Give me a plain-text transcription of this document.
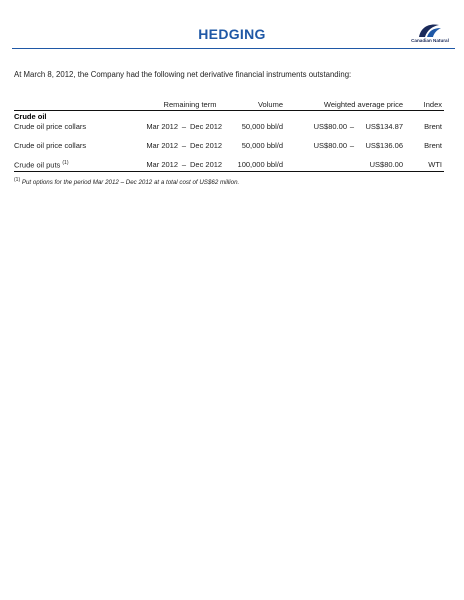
HEDGING	Canadian Natural
At March 8, 2012, the Company had the following net derivative financial instruments outstanding:
Remaining term	Volume	Weighted average price	Index
Crude oil
Crude oil price collars	Mar 2012 – Dec 2012	50,000 bbl/d	US$80.00 –	US$134.87	Brent
Crude oil price collars	Mar 2012 – Dec 2012	50,000 bbl/d	US$80.00 –	US$136.06	Brent
Crude oil puts $^{(1)}$	Mar 2012 – Dec 2012	100,000 bbl/d	US$80.00	WTI
$^{(1)}$ Put options for the period Mar 2012 – Dec 2012 at a total cost of US$62 million.
